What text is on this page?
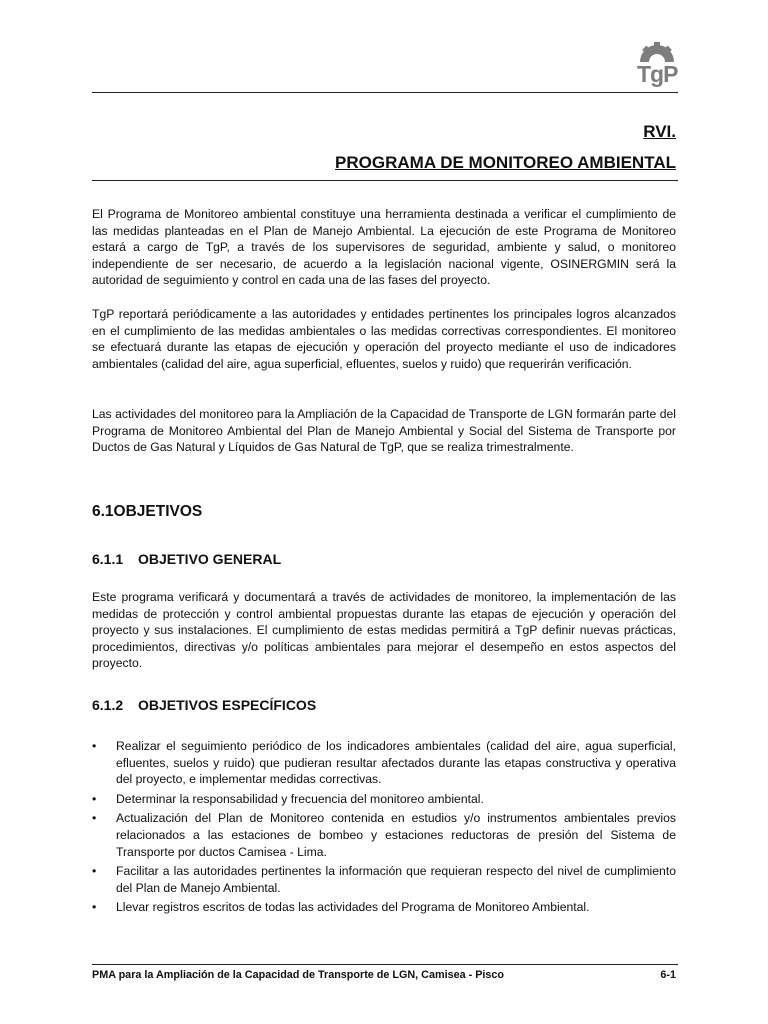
TgP
RVI.
PROGRAMA DE MONITOREO AMBIENTAL

El Programa de Monitoreo ambiental constituye una herramienta destinada a verificar el cumplimiento de las medidas planteadas en el Plan de Manejo Ambiental. La ejecución de este Programa de Monitoreo estará a cargo de TgP, a través de los supervisores de seguridad, ambiente y salud, o monitoreo independiente de ser necesario, de acuerdo a la legislación nacional vigente, OSINERGMIN será la autoridad de seguimiento y control en cada una de las fases del proyecto.

TgP reportará periódicamente a las autoridades y entidades pertinentes los principales logros alcanzados en el cumplimiento de las medidas ambientales o las medidas correctivas correspondientes. El monitoreo se efectuará durante las etapas de ejecución y operación del proyecto mediante el uso de indicadores ambientales (calidad del aire, agua superficial, efluentes, suelos y ruido) que requerirán verificación.

Las actividades del monitoreo para la Ampliación de la Capacidad de Transporte de LGN formarán parte del Programa de Monitoreo Ambiental del Plan de Manejo Ambiental y Social del Sistema de Transporte por Ductos de Gas Natural y Líquidos de Gas Natural de TgP, que se realiza trimestralmente.

6.1OBJETIVOS
6.1.1 OBJETIVO GENERAL

Este programa verificará y documentará a través de actividades de monitoreo, la implementación de las medidas de protección y control ambiental propuestas durante las etapas de ejecución y operación del proyecto y sus instalaciones. El cumplimiento de estas medidas permitirá a TgP definir nuevas prácticas, procedimientos, directivas y/o políticas ambientales para mejorar el desempeño en estos aspectos del proyecto.

6.1.2 OBJETIVOS ESPECÍFICOS
• Realizar el seguimiento periódico de los indicadores ambientales (calidad del aire, agua superficial, efluentes, suelos y ruido) que pudieran resultar afectados durante las etapas constructiva y operativa del proyecto, e implementar medidas correctivas.
• Determinar la responsabilidad y frecuencia del monitoreo ambiental.
• Actualización del Plan de Monitoreo contenida en estudios y/o instrumentos ambientales previos relacionados a las estaciones de bombeo y estaciones reductoras de presión del Sistema de Transporte por ductos Camisea - Lima.
• Facilitar a las autoridades pertinentes la información que requieran respecto del nivel de cumplimiento del Plan de Manejo Ambiental.
• Llevar registros escritos de todas las actividades del Programa de Monitoreo Ambiental.
PMA para la Ampliación de la Capacidad de Transporte de LGN, Camisea - Pisco	6-1
